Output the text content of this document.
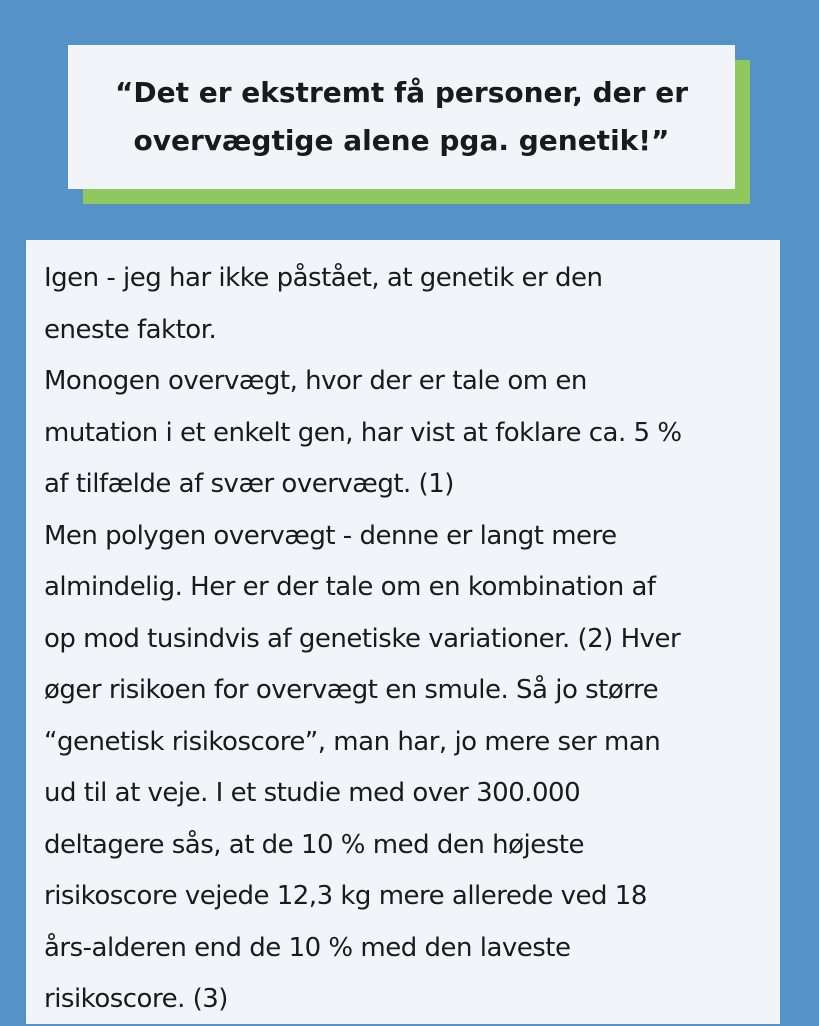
“Det er ekstremt få personer, der er
overvægtige alene pga. genetik!”

Igen - jeg har ikke påstået, at genetik er den
eneste faktor.

Monogen overvægt, hvor der er tale om en
mutation i et enkelt gen, har vist at foklare ca. 5 %
af tilfælde af svær overvægt. (1)

Men polygen overvægt - denne er langt mere
almindelig. Her er der tale om en kombination af
op mod tusindvis af genetiske variationer. (2) Hver
øger risikoen for overvægt en smule. Så jo større
“genetisk risikoscore”, man har, jo mere ser man
ud til at veje. I et studie med over 300.000
deltagere sås, at de 10 % med den højeste
risikoscore vejede 12,3 kg mere allerede ved 18
års-alderen end de 10 % med den laveste
risikoscore. (3)
